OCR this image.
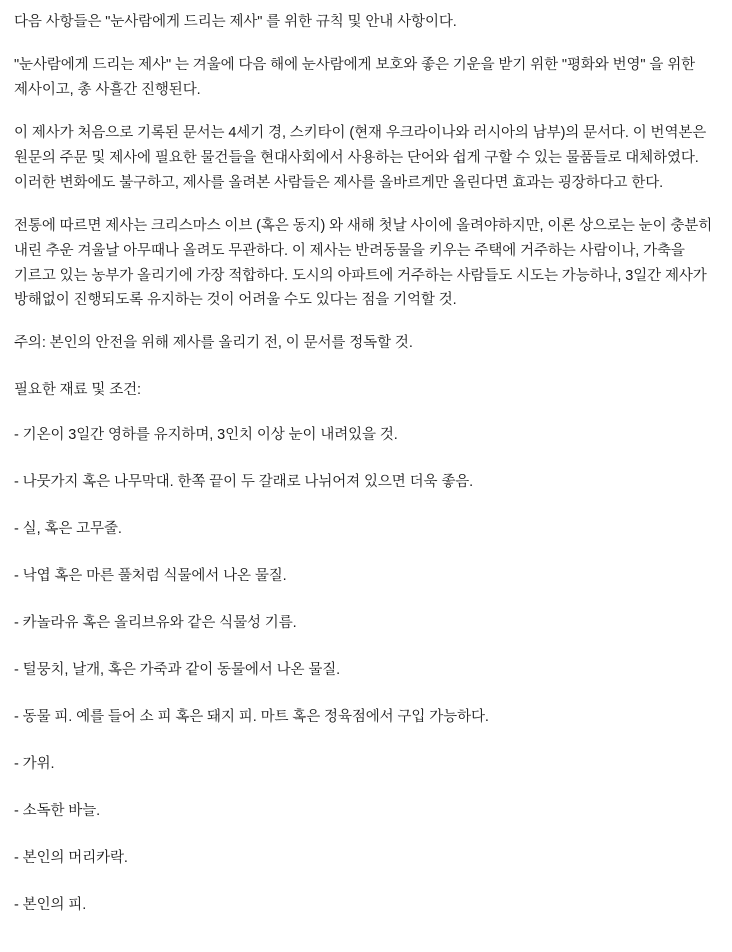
다음 사항들은 "눈사람에게 드리는 제사" 를 위한 규칙 및 안내 사항이다.

"눈사람에게 드리는 제사" 는 겨울에 다음 해에 눈사람에게 보호와 좋은 기운을 받기 위한 "평화와 번영" 을 위한 제사이고, 총 사흘간 진행된다.

이 제사가 처음으로 기록된 문서는 4세기 경, 스키타이 (현재 우크라이나와 러시아의 남부)의 문서다. 이 번역본은 원문의 주문 및 제사에 필요한 물건들을 현대사회에서 사용하는 단어와 쉽게 구할 수 있는 물품들로 대체하였다. 이러한 변화에도 불구하고, 제사를 올려본 사람들은 제사를 올바르게만 올린다면 효과는 굉장하다고 한다.

전통에 따르면 제사는 크리스마스 이브 (혹은 동지) 와 새해 첫날 사이에 올려야하지만, 이론 상으로는 눈이 충분히 내린 추운 겨울날 아무때나 올려도 무관하다. 이 제사는 반려동물을 키우는 주택에 거주하는 사람이나, 가축을 기르고 있는 농부가 올리기에 가장 적합하다. 도시의 아파트에 거주하는 사람들도 시도는 가능하나, 3일간 제사가 방해없이 진행되도록 유지하는 것이 어려울 수도 있다는 점을 기억할 것.

주의: 본인의 안전을 위해 제사를 올리기 전, 이 문서를 정독할 것.

필요한 재료 및 조건:

- 기온이 3일간 영하를 유지하며, 3인치 이상 눈이 내려있을 것.

- 나뭇가지 혹은 나무막대. 한쪽 끝이 두 갈래로 나뉘어져 있으면 더욱 좋음.

- 실, 혹은 고무줄.

- 낙엽 혹은 마른 풀처럼 식물에서 나온 물질.

- 카놀라유 혹은 올리브유와 같은 식물성 기름.

- 털뭉치, 날개, 혹은 가죽과 같이 동물에서 나온 물질.

- 동물 피. 예를 들어 소 피 혹은 돼지 피. 마트 혹은 정육점에서 구입 가능하다.

- 가위.

- 소독한 바늘.

- 본인의 머리카락.

- 본인의 피.
